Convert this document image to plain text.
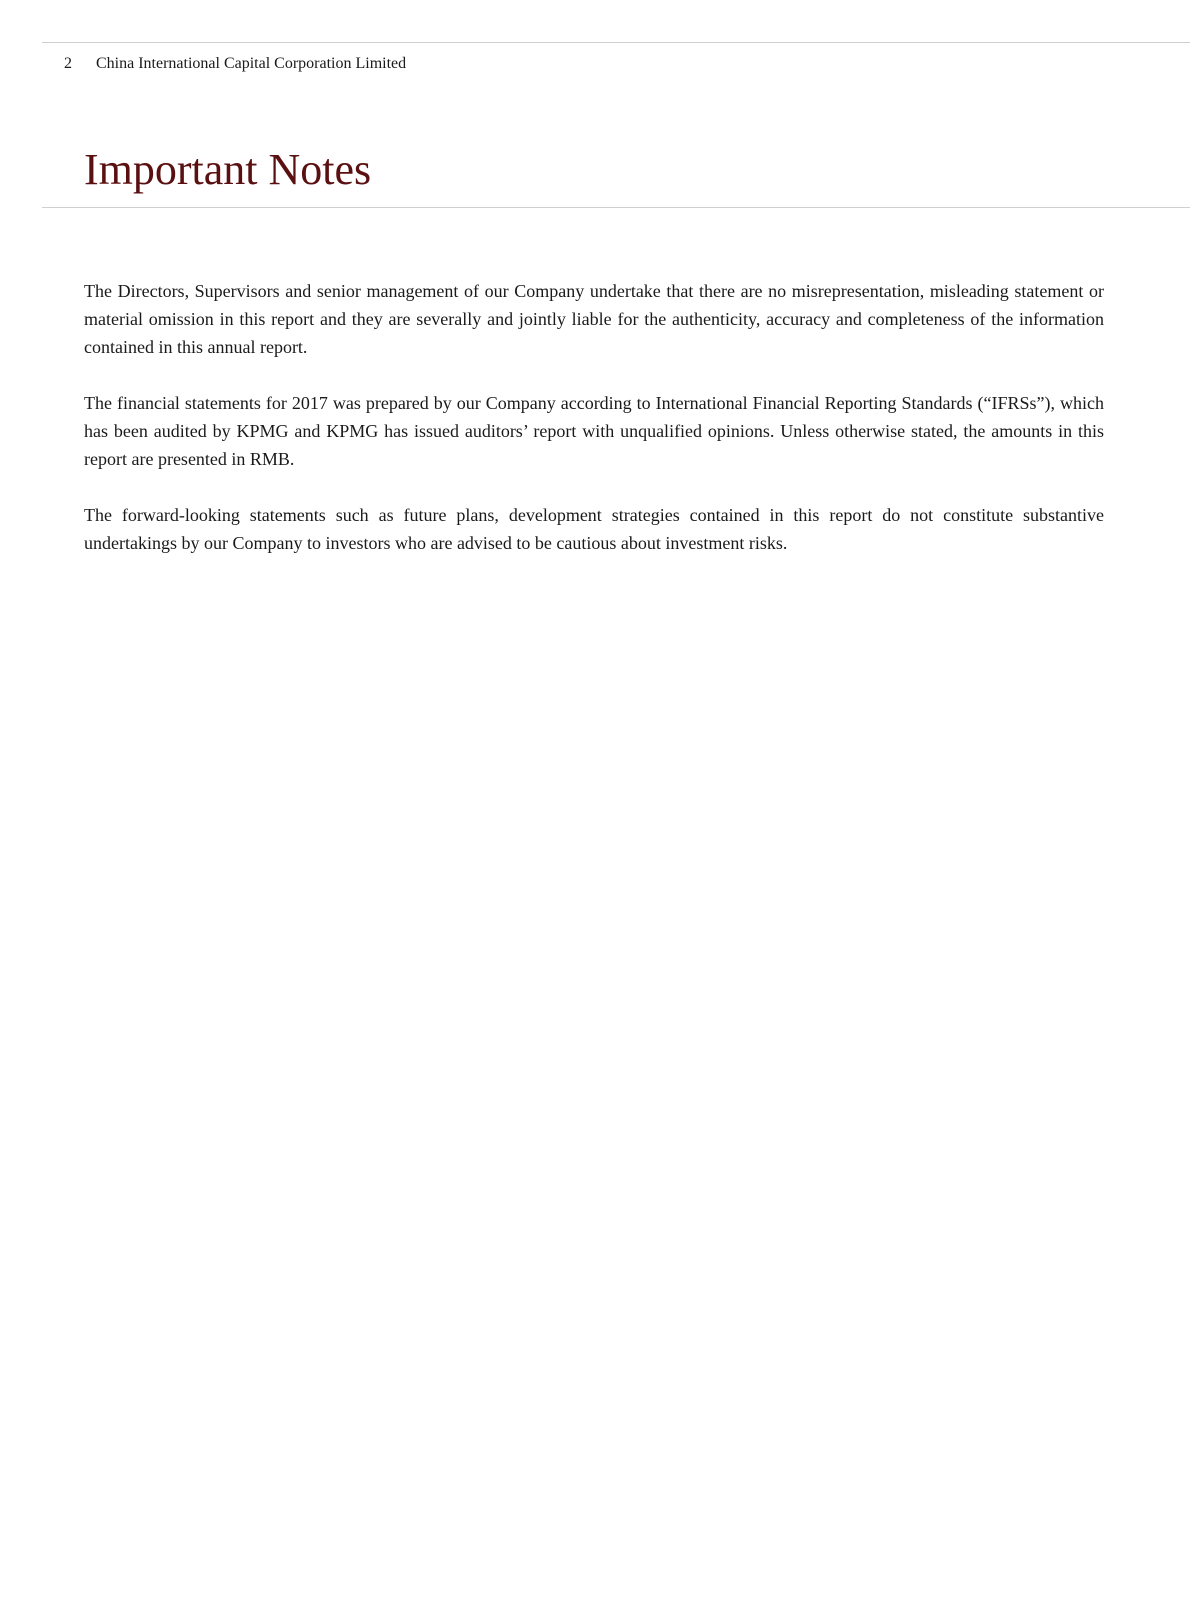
2	China International Capital Corporation Limited
Important Notes

The Directors, Supervisors and senior management of our Company undertake that there are no misrepresentation, misleading statement or material omission in this report and they are severally and jointly liable for the authenticity, accuracy and completeness of the information contained in this annual report.

The financial statements for 2017 was prepared by our Company according to International Financial Reporting Standards (“IFRSs”), which has been audited by KPMG and KPMG has issued auditors’ report with unqualified opinions. Unless otherwise stated, the amounts in this report are presented in RMB.

The forward-looking statements such as future plans, development strategies contained in this report do not constitute substantive undertakings by our Company to investors who are advised to be cautious about investment risks.
